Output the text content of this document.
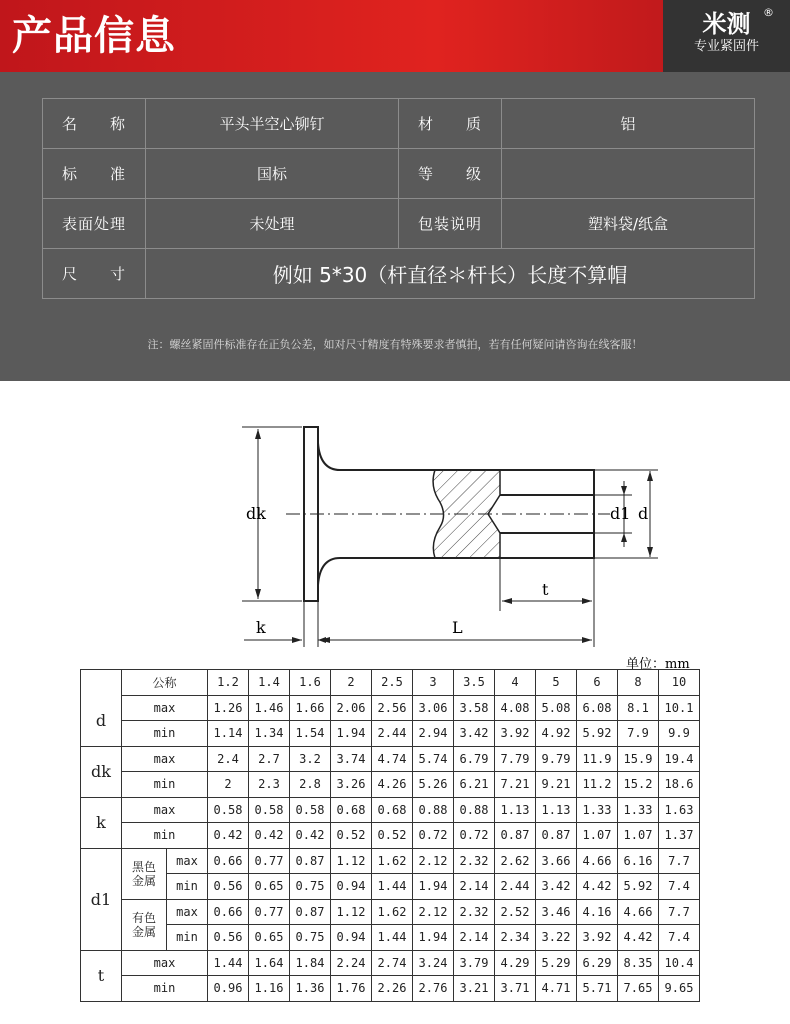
产品信息	米测	®
专业紧固件
名　　称	平头半空心铆钉	材　　质	铝
标　　准	国标	等　　级	
表面处理	未处理	包装说明	塑料袋/纸盒
尺　　寸	例如 5*30（杆直径＊杆长）长度不算帽		
注：螺丝紧固件标准存在正负公差，如对尺寸精度有特殊要求者慎拍，若有任何疑问请咨询在线客服！
dk	d1 d
t
k	L
单位：mm
	公称		1.2	1.4	1.6	2	2.5	3	3.5	4	5	6	8	10
d	max		1.26	1.46	1.66	2.06	2.56	3.06	3.58	4.08	5.08	6.08	8.1	10.1
	min		1.14	1.34	1.54	1.94	2.44	2.94	3.42	3.92	4.92	5.92	7.9	9.9
dk	max		2.4	2.7	3.2	3.74	4.74	5.74	6.79	7.79	9.79	11.9	15.9	19.4
	min		2	2.3	2.8	3.26	4.26	5.26	6.21	7.21	9.21	11.2	15.2	18.6
k	max		0.58	0.58	0.58	0.68	0.68	0.88	0.88	1.13	1.13	1.33	1.33	1.63
	min		0.42	0.42	0.42	0.52	0.52	0.72	0.72	0.87	0.87	1.07	1.07	1.37
d1	黑色
金属	max	0.66	0.77	0.87	1.12	1.62	2.12	2.32	2.62	3.66	4.66	6.16	7.7
		min	0.56	0.65	0.75	0.94	1.44	1.94	2.14	2.44	3.42	4.42	5.92	7.4
	有色
金属	max	0.66	0.77	0.87	1.12	1.62	2.12	2.32	2.52	3.46	4.16	4.66	7.7
		min	0.56	0.65	0.75	0.94	1.44	1.94	2.14	2.34	3.22	3.92	4.42	7.4
t	max		1.44	1.64	1.84	2.24	2.74	3.24	3.79	4.29	5.29	6.29	8.35	10.4
	min		0.96	1.16	1.36	1.76	2.26	2.76	3.21	3.71	4.71	5.71	7.65	9.65
